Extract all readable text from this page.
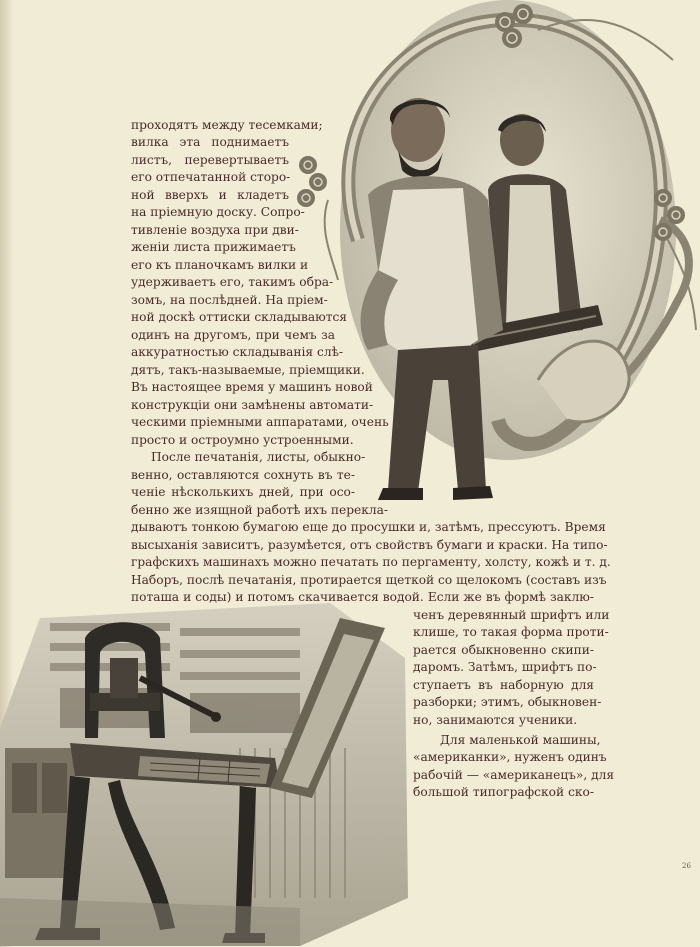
проходятъ между тесемками;

вилка эта поднимаетъ

листъ, перевертываетъ

его отпечатанной сторо-

ной вверхъ и кладетъ

на пріемную доску. Сопро-

тивленіе воздуха при дви-

женіи листа прижимаетъ

его къ планочкамъ вилки и

удерживаетъ его, такимъ обра-

зомъ, на послѣдней. На пріем-

ной доскѣ оттиски складываются

одинъ на другомъ, при чемъ за

аккуратностью складыванія слѣ-

дятъ, такъ-называемые, пріемщики.

Въ настоящее время у машинъ новой

конструкціи они замѣнены автомати-

ческими пріемными аппаратами, очень

просто и остроумно устроенными.

После печатанія, листы, обыкно-

венно, оставляются сохнуть въ те-

ченіе нѣсколькихъ дней, при осо-

бенно же изящной работѣ ихъ перекла-

дываютъ тонкою бумагою еще до просушки и, затѣмъ, прессуютъ. Время

высыханія зависитъ, разумѣется, отъ свойствъ бумаги и краски. На типо-

графскихъ машинахъ можно печатать по пергаменту, холсту, кожѣ и т. д.

Наборъ, послѣ печатанія, протирается щеткой со щелокомъ (составъ изъ

поташа и соды) и потомъ скачивается водой. Если же въ формѣ заклю-

ченъ деревянный шрифтъ или

клише, то такая форма проти-

рается обыкновенно скипи-

даромъ. Затѣмъ, шрифтъ по-

ступаетъ въ наборную для

разборки; этимъ, обыкновен-

но, занимаются ученики.

Для маленькой машины,

«американки», нуженъ одинъ

рабочій — «американецъ», для

большой типографской ско-

26
